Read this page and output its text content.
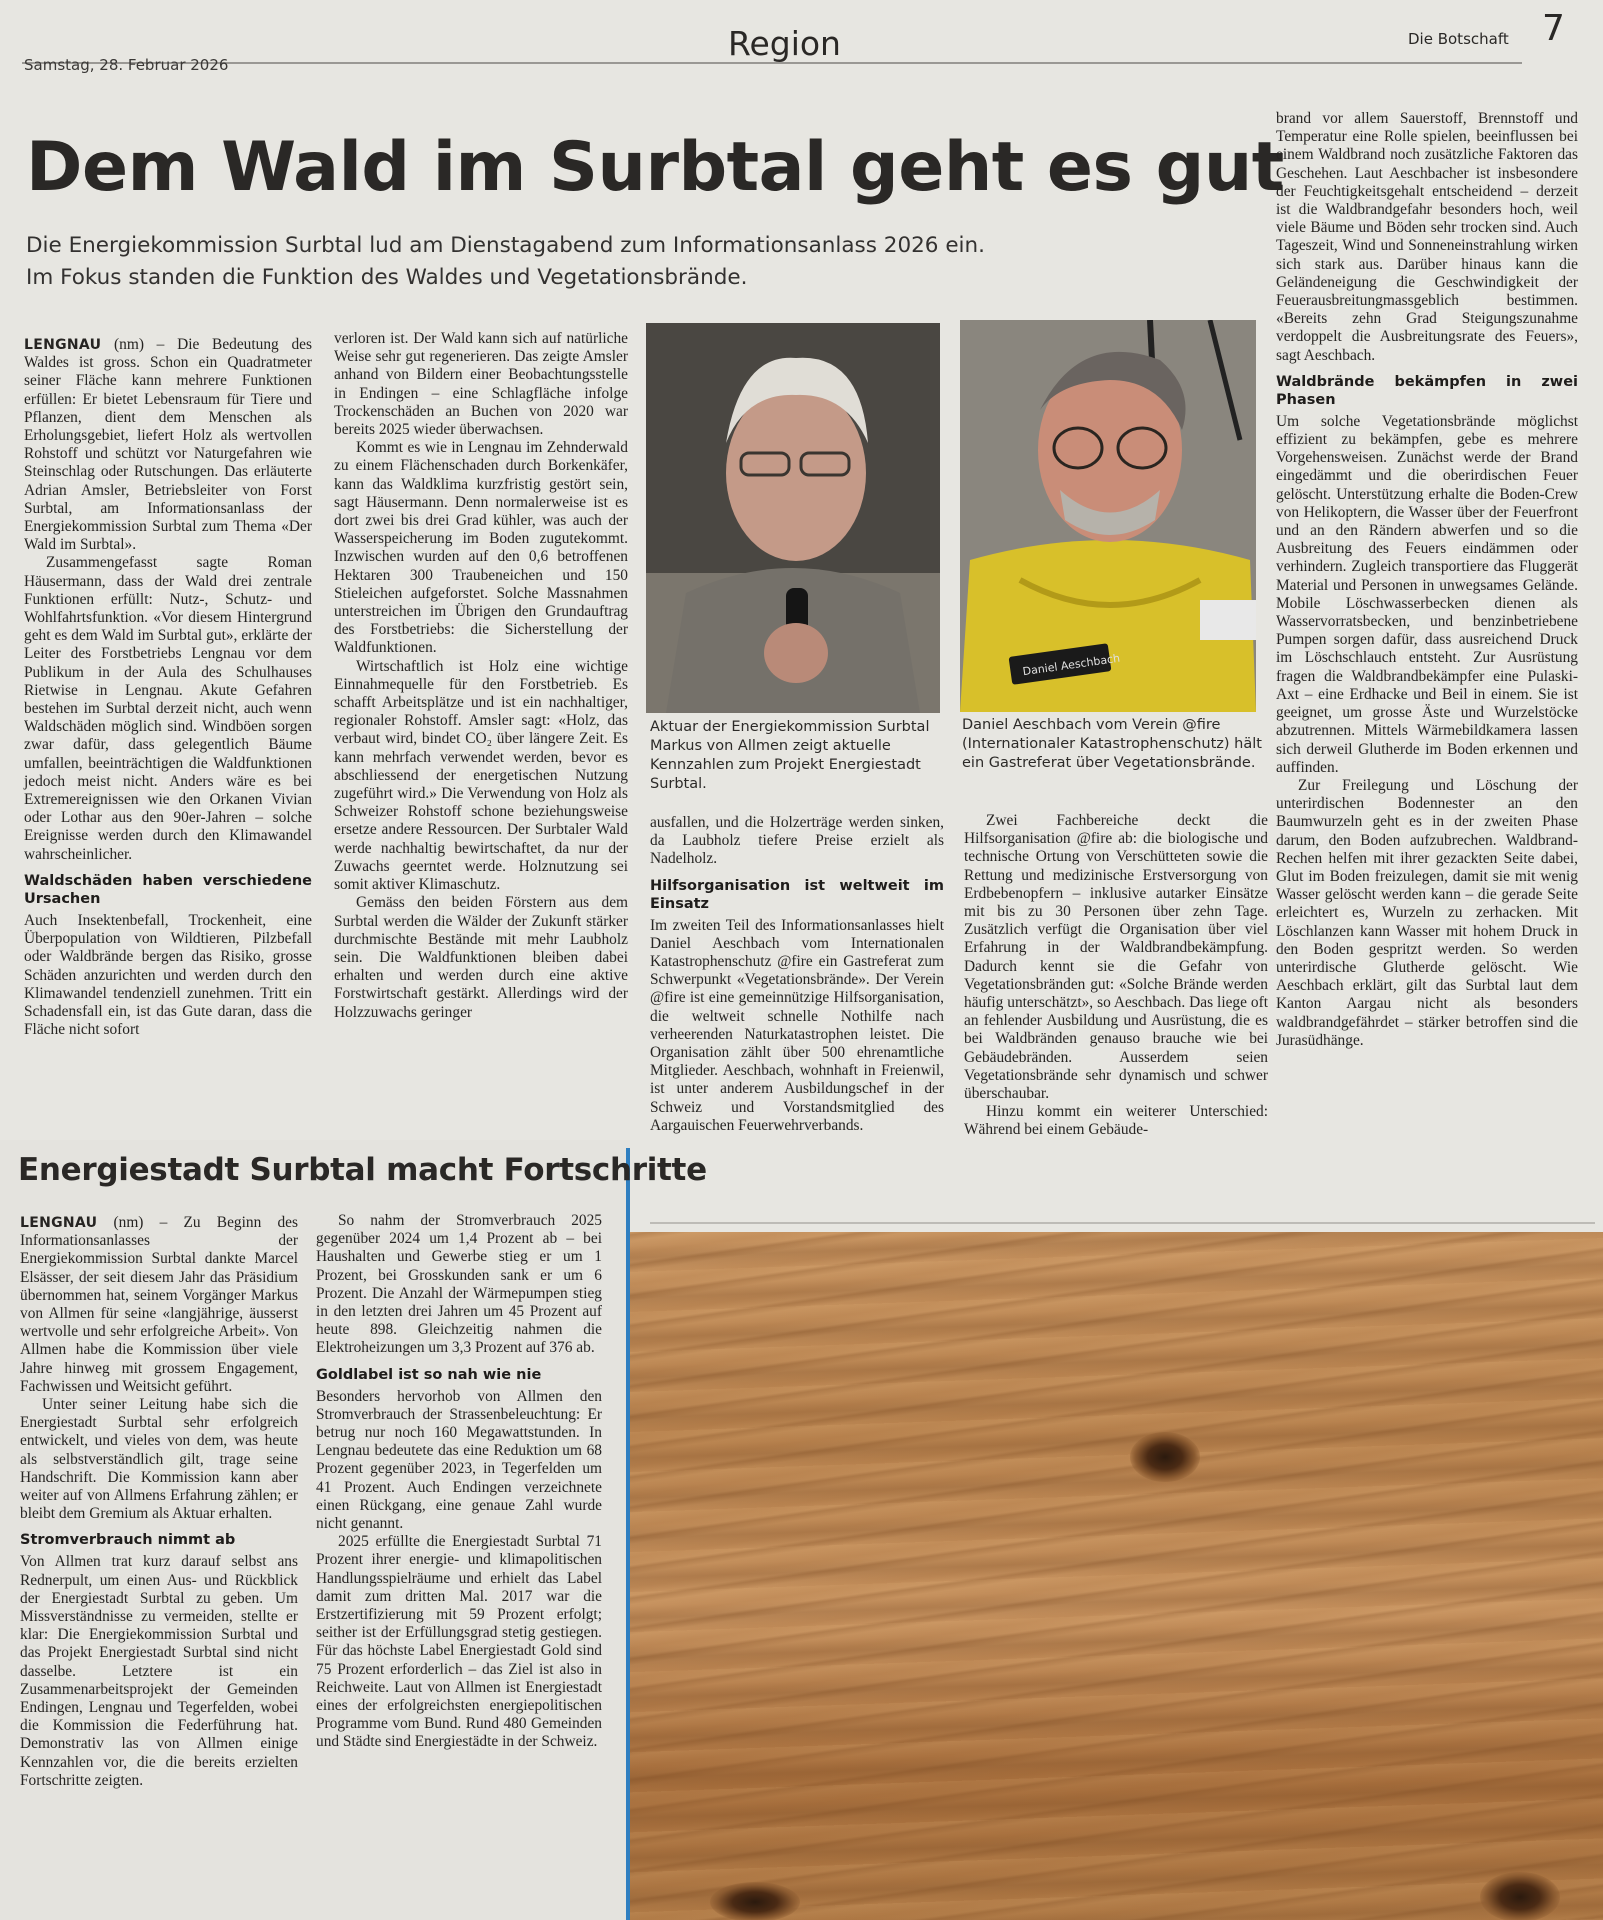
Samstag, 28. Februar 2026
Region	Die Botschaft 7
Dem Wald im Surbtal geht es gut
Die Energiekommission Surbtal lud am Dienstagabend zum Informationsanlass 2026 ein.
Im Fokus standen die Funktion des Waldes und Vegetationsbrände.

LENGNAU (nm) – Die Bedeutung des Waldes ist gross. Schon ein Quadratmeter seiner Fläche kann mehrere Funktionen erfüllen: Er bietet Lebensraum für Tiere und Pflanzen, dient dem Menschen als Erholungsgebiet, liefert Holz als wertvollen Rohstoff und schützt vor Naturgefahren wie Steinschlag oder Rutschungen. Das erläuterte Adrian Amsler, Betriebsleiter von Forst Surbtal, am Informationsanlass der Energiekommission Surbtal zum Thema «Der Wald im Surbtal».

Zusammengefasst sagte Roman Häusermann, dass der Wald drei zentrale Funktionen erfüllt: Nutz-, Schutz- und Wohlfahrtsfunktion. «Vor diesem Hintergrund geht es dem Wald im Surbtal gut», erklärte der Leiter des Forstbetriebs Lengnau vor dem Publikum in der Aula des Schulhauses Rietwise in Lengnau. Akute Gefahren bestehen im Surbtal derzeit nicht, auch wenn Waldschäden möglich sind. Windböen sorgen zwar dafür, dass gelegentlich Bäume umfallen, beeinträchtigen die Waldfunktionen jedoch meist nicht. Anders wäre es bei Extremereignissen wie den Orkanen Vivian oder Lothar aus den 90er-Jahren – solche Ereignisse werden durch den Klimawandel wahrscheinlicher.

Waldschäden haben verschiedene Ursachen

Auch Insektenbefall, Trockenheit, eine Überpopulation von Wildtieren, Pilzbefall oder Waldbrände bergen das Risiko, grosse Schäden anzurichten und werden durch den Klimawandel tendenziell zunehmen. Tritt ein Schadensfall ein, ist das Gute daran, dass die Fläche nicht sofort

verloren ist. Der Wald kann sich auf natürliche Weise sehr gut regenerieren. Das zeigte Amsler anhand von Bildern einer Beobachtungsstelle in Endingen – eine Schlagfläche infolge Trockenschäden an Buchen von 2020 war bereits 2025 wieder überwachsen.

Kommt es wie in Lengnau im Zehnderwald zu einem Flächenschaden durch Borkenkäfer, kann das Waldklima kurzfristig gestört sein, sagt Häusermann. Denn normalerweise ist es dort zwei bis drei Grad kühler, was auch der Wasserspeicherung im Boden zugutekommt. Inzwischen wurden auf den 0,6 betroffenen Hektaren 300 Traubeneichen und 150 Stieleichen aufgeforstet. Solche Massnahmen unterstreichen im Übrigen den Grundauftrag des Forstbetriebs: die Sicherstellung der Waldfunktionen.

Wirtschaftlich ist Holz eine wichtige Einnahmequelle für den Forstbetrieb. Es schafft Arbeitsplätze und ist ein nachhaltiger, regionaler Rohstoff. Amsler sagt: «Holz, das verbaut wird, bindet CO₂ über längere Zeit. Es kann mehrfach verwendet werden, bevor es abschliessend der energetischen Nutzung zugeführt wird.» Die Verwendung von Holz als Schweizer Rohstoff schone beziehungsweise ersetze andere Ressourcen. Der Surbtaler Wald werde nachhaltig bewirtschaftet, da nur der Zuwachs geerntet werde. Holznutzung sei somit aktiver Klimaschutz.

Gemäss den beiden Förstern aus dem Surbtal werden die Wälder der Zukunft stärker durchmischte Bestände mit mehr Laubholz sein. Die Waldfunktionen bleiben dabei erhalten und werden durch eine aktive Forstwirtschaft gestärkt. Allerdings wird der Holzzuwachs geringer

Aktuar der Energiekommission Surbtal Markus von Allmen zeigt aktuelle Kennzahlen zum Projekt Energiestadt Surbtal.
Daniel Aeschbach
Daniel Aeschbach vom Verein @fire (Internationaler Katastrophenschutz) hält ein Gastreferat über Vegetationsbrände.

ausfallen, und die Holzerträge werden sinken, da Laubholz tiefere Preise erzielt als Nadelholz.

Hilfsorganisation ist weltweit im Einsatz

Im zweiten Teil des Informationsanlasses hielt Daniel Aeschbach vom Internationalen Katastrophenschutz @fire ein Gastreferat zum Schwerpunkt «Vegetationsbrände». Der Verein @fire ist eine gemeinnützige Hilfsorganisation, die weltweit schnelle Nothilfe nach verheerenden Naturkatastrophen leistet. Die Organisation zählt über 500 ehrenamtliche Mitglieder. Aeschbach, wohnhaft in Freienwil, ist unter anderem Ausbildungschef in der Schweiz und Vorstandsmitglied des Aargauischen Feuerwehrverbands.

Zwei Fachbereiche deckt die Hilfsorganisation @fire ab: die biologische und technische Ortung von Verschütteten sowie die Rettung und medizinische Erstversorgung von Erdbebenopfern – inklusive autarker Einsätze mit bis zu 30 Personen über zehn Tage. Zusätzlich verfügt die Organisation über viel Erfahrung in der Waldbrandbekämpfung. Dadurch kennt sie die Gefahr von Vegetationsbränden gut: «Solche Brände werden häufig unterschätzt», so Aeschbach. Das liege oft an fehlender Ausbildung und Ausrüstung, die es bei Waldbränden genauso brauche wie bei Gebäudebränden. Ausserdem seien Vegetationsbrände sehr dynamisch und schwer überschaubar.

Hinzu kommt ein weiterer Unterschied: Während bei einem Gebäude-

brand vor allem Sauerstoff, Brennstoff und Temperatur eine Rolle spielen, beeinflussen bei einem Waldbrand noch zusätzliche Faktoren das Geschehen. Laut Aeschbacher ist insbesondere der Feuchtigkeitsgehalt entscheidend – derzeit ist die Waldbrandgefahr besonders hoch, weil viele Bäume und Böden sehr trocken sind. Auch Tageszeit, Wind und Sonneneinstrahlung wirken sich stark aus. Darüber hinaus kann die Geländeneigung die Geschwindigkeit der Feuerausbreitungmassgeblich bestimmen. «Bereits zehn Grad Steigungszunahme verdoppelt die Ausbreitungsrate des Feuers», sagt Aeschbach.

Waldbrände bekämpfen in zwei Phasen

Um solche Vegetationsbrände möglichst effizient zu bekämpfen, gebe es mehrere Vorgehensweisen. Zunächst werde der Brand eingedämmt und die oberirdischen Feuer gelöscht. Unterstützung erhalte die Boden-Crew von Helikoptern, die Wasser über der Feuerfront und an den Rändern abwerfen und so die Ausbreitung des Feuers eindämmen oder verhindern. Zugleich transportiere das Fluggerät Material und Personen in unwegsames Gelände. Mobile Löschwasserbecken dienen als Wasservorratsbecken, und benzinbetriebene Pumpen sorgen dafür, dass ausreichend Druck im Löschschlauch entsteht. Zur Ausrüstung fragen die Waldbrandbekämpfer eine Pulaski-Axt – eine Erdhacke und Beil in einem. Sie ist geeignet, um grosse Äste und Wurzelstöcke abzutrennen. Mittels Wärmebildkamera lassen sich derweil Glutherde im Boden erkennen und auffinden.

Zur Freilegung und Löschung der unterirdischen Bodennester an den Baumwurzeln geht es in der zweiten Phase darum, den Boden aufzubrechen. Waldbrand-Rechen helfen mit ihrer gezackten Seite dabei, Glut im Boden freizulegen, damit sie mit wenig Wasser gelöscht werden kann – die gerade Seite erleichtert es, Wurzeln zu zerhacken. Mit Löschlanzen kann Wasser mit hohem Druck in den Boden gespritzt werden. So werden unterirdische Glutherde gelöscht. Wie Aeschbach erklärt, gilt das Surbtal laut dem Kanton Aargau nicht als besonders waldbrandgefährdet – stärker betroffen sind die Jurasüdhänge.

Energiestadt Surbtal macht Fortschritte

LENGNAU (nm) – Zu Beginn des Informationsanlasses der Energiekommission Surbtal dankte Marcel Elsässer, der seit diesem Jahr das Präsidium übernommen hat, seinem Vorgänger Markus von Allmen für seine «langjährige, äusserst wertvolle und sehr erfolgreiche Arbeit». Von Allmen habe die Kommission über viele Jahre hinweg mit grossem Engagement, Fachwissen und Weitsicht geführt.

Unter seiner Leitung habe sich die Energiestadt Surbtal sehr erfolgreich entwickelt, und vieles von dem, was heute als selbstverständlich gilt, trage seine Handschrift. Die Kommission kann aber weiter auf von Allmens Erfahrung zählen; er bleibt dem Gremium als Aktuar erhalten.

Stromverbrauch nimmt ab

Von Allmen trat kurz darauf selbst ans Rednerpult, um einen Aus- und Rückblick der Energiestadt Surbtal zu geben. Um Missverständnisse zu vermeiden, stellte er klar: Die Energiekommission Surbtal und das Projekt Energiestadt Surbtal sind nicht dasselbe. Letztere ist ein Zusammenarbeitsprojekt der Gemeinden Endingen, Lengnau und Tegerfelden, wobei die Kommission die Federführung hat. Demonstrativ las von Allmen einige Kennzahlen vor, die die bereits erzielten Fortschritte zeigten.

So nahm der Stromverbrauch 2025 gegenüber 2024 um 1,4 Prozent ab – bei Haushalten und Gewerbe stieg er um 1 Prozent, bei Grosskunden sank er um 6 Prozent. Die Anzahl der Wärmepumpen stieg in den letzten drei Jahren um 45 Prozent auf heute 898. Gleichzeitig nahmen die Elektroheizungen um 3,3 Prozent auf 376 ab.

Goldlabel ist so nah wie nie

Besonders hervorhob von Allmen den Stromverbrauch der Strassenbeleuchtung: Er betrug nur noch 160 Megawattstunden. In Lengnau bedeutete das eine Reduktion um 68 Prozent gegenüber 2023, in Tegerfelden um 41 Prozent. Auch Endingen verzeichnete einen Rückgang, eine genaue Zahl wurde nicht genannt.

2025 erfüllte die Energiestadt Surbtal 71 Prozent ihrer energie- und klimapolitischen Handlungsspielräume und erhielt das Label damit zum dritten Mal. 2017 war die Erstzertifizierung mit 59 Prozent erfolgt; seither ist der Erfüllungsgrad stetig gestiegen. Für das höchste Label Energiestadt Gold sind 75 Prozent erforderlich – das Ziel ist also in Reichweite. Laut von Allmen ist Energiestadt eines der erfolgreichsten energiepolitischen Programme vom Bund. Rund 480 Gemeinden und Städte sind Energiestädte in der Schweiz.
